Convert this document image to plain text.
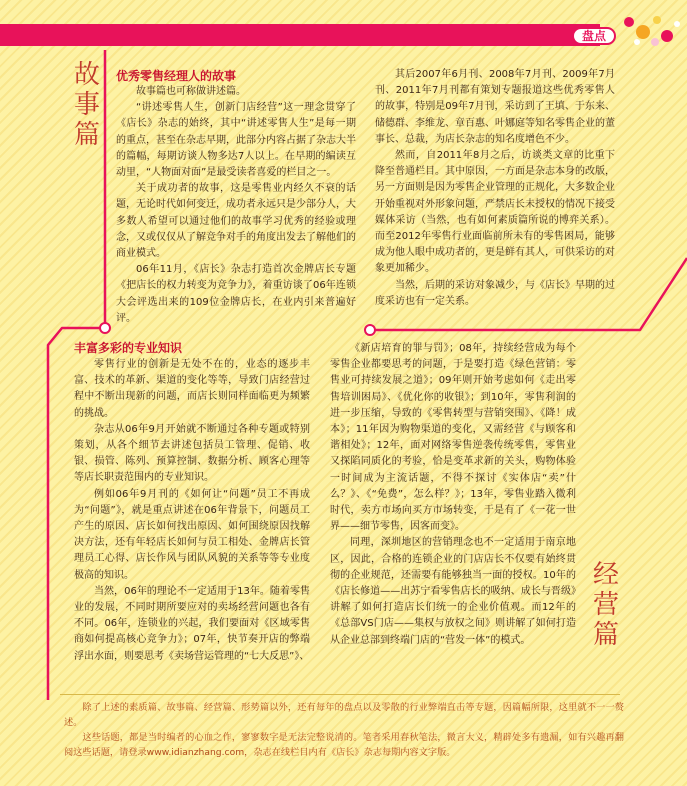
盘点
故事篇
优秀零售经理人的故事

故事篇也可称做讲述篇。

“讲述零售人生，创新门店经营”这一理念贯穿了《店长》杂志的始终，其中“讲述零售人生”是每一期的重点，甚至在杂志早期，此部分内容占据了杂志大半的篇幅，每期访谈人物多达7人以上。在早期的编读互动里，“人物面对面”是最受读者喜爱的栏目之一。

关于成功者的故事，这是零售业内经久不衰的话题，无论时代如何变迁，成功者永远只是少部分人，大多数人希望可以通过他们的故事学习优秀的经验或理念，又或仅仅从了解竞争对手的角度出发去了解他们的商业模式。

06年11月，《店长》杂志打造首次金牌店长专题《把店长的权力转变为竞争力》，着重访谈了06年连锁大会评选出来的109位金牌店长，在业内引来普遍好评。

其后2007年6月刊、2008年7月刊、2009年7月刊、2011年7月刊都有策划专题报道这些优秀零售人的故事，特别是09年7月刊，采访到了王填、于东来、储德群、李维龙、章百惠、叶娜庭等知名零售企业的董事长、总裁，为店长杂志的知名度增色不少。

然而，自2011年8月之后，访谈类文章的比重下降至普通栏目。其中原因，一方面是杂志本身的改版，另一方面则是因为零售企业管理的正规化，大多数企业开始重视对外形象问题，严禁店长未授权的情况下接受媒体采访（当然，也有如何素质篇所说的博弈关系）。而至2012年零售行业面临前所未有的零售困局，能够成为他人眼中成功者的，更是鲜有其人，可供采访的对象更加稀少。

当然，后期的采访对象减少，与《店长》早期的过度采访也有一定关系。

丰富多彩的专业知识

零售行业的创新是无处不在的，业态的逐步丰富、技术的革新、渠道的变化等等，导致门店经营过程中不断出现新的问题，而店长则同样面临更为频繁的挑战。

杂志从06年9月开始就不断通过各种专题或特别策划，从各个细节去讲述包括员工管理、促销、收银、损管、陈列、预算控制、数据分析、顾客心理等等店长职责范围内的专业知识。

例如06年9月刊的《如何让“问题”员工不再成为“问题”》，就是重点讲述在06年背景下，问题员工产生的原因、店长如何找出原因、如何围绕原因找解决方法，还有年轻店长如何与员工相处、金牌店长管理员工心得、店长作风与团队风貌的关系等等专业度极高的知识。

当然，06年的理论不一定适用于13年。随着零售业的发展，不同时期所要应对的卖场经营问题也各有不同。06年，连锁业的兴起，我们要面对《区域零售商如何提高核心竞争力》；07年，快节奏开店的弊端浮出水面，则要思考《卖场营运管理的“七大反思”》、

《新店培育的罪与罚》；08年，持续经营成为每个零售企业都要思考的问题，于是要打造《绿色营销：零售业可持续发展之道》；09年则开始考虑如何《走出零售培训困局》、《优化你的收银》；到10年，零售利润的进一步压缩，导致的《零售转型与营销突围》、《降！成本》；11年因为购物渠道的变化，又需经营《与顾客和谐相处》；12年，面对网络零售逆袭传统零售，零售业又探陷同质化的考验，恰是变革求新的关头，购物体验一时间成为主流话题，不得不探讨《实体店“卖”什么？》、《“免费”，怎么样？》；13年，零售业踏入微利时代，卖方市场向买方市场转变，于是有了《一花一世界——细节零售，因客而变》。

同理，深圳地区的营销理念也不一定适用于南京地区，因此，合格的连锁企业的门店店长不仅要有始终贯彻的企业规范，还需要有能够独当一面的授权。10年的《店长修道——出苏宁看零售店长的吸纳、成长与晋级》讲解了如何打造店长们统一的企业价值观。而12年的《总部VS门店——集权与放权之间》则讲解了如何打造从企业总部到终端门店的“营发一体”的模式。

经营篇

除了上述的素质篇、故事篇、经营篇、形势篇以外，还有每年的盘点以及零散的行业弊端直击等专题，因篇幅所限，这里就不一一赘述。

这些话题，都是当时编者的心血之作，寥寥数字是无法完整说清的。笔者采用春秋笔法，微言大义，精辟处多有遗漏，如有兴趣再翻阅这些话题，请登录www.idianzhang.com，杂志在线栏目内有《店长》杂志每期内容文字版。
